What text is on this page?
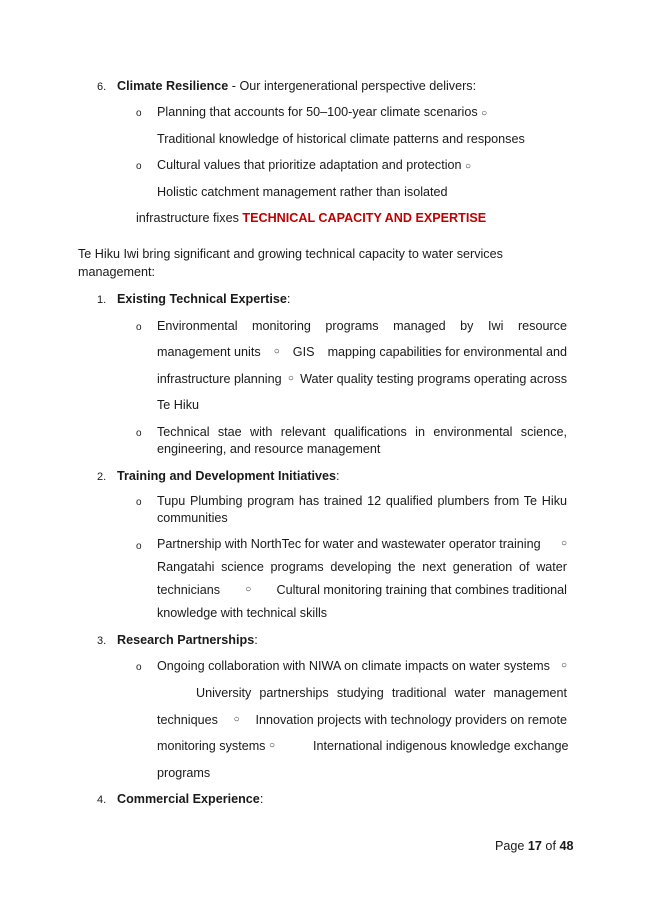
6. Climate Resilience - Our intergenerational perspective delivers:
o Planning that accounts for 50–100-year climate scenarios ○
Traditional knowledge of historical climate patterns and responses
o Cultural values that prioritize adaptation and protection ○
Holistic catchment management rather than isolated
infrastructure fixes TECHNICAL CAPACITY AND EXPERTISE
Te Hiku Iwi bring significant and growing technical capacity to water services
management:
1. Existing Technical Expertise:
o Environmental monitoring programs managed by Iwi resource
management units ○ GIS mapping capabilities for environmental and
infrastructure planning ○ Water quality testing programs operating across
Te Hiku
o Technical stae with relevant qualifications in environmental science,
engineering, and resource management
2. Training and Development Initiatives:
o Tupu Plumbing program has trained 12 qualified plumbers from Te Hiku
communities
o Partnership with NorthTec for water and wastewater operator training ○
Rangatahi science programs developing the next generation of water
technicians	○ Cultural monitoring training that combines traditional
knowledge with technical skills
3. Research Partnerships:
o Ongoing collaboration with NIWA on climate impacts on water systems ○
University partnerships studying traditional water management
techniques ○ Innovation projects with technology providers on remote
monitoring systems ○	International indigenous knowledge exchange
programs
4. Commercial Experience:
Page 17 of 48
